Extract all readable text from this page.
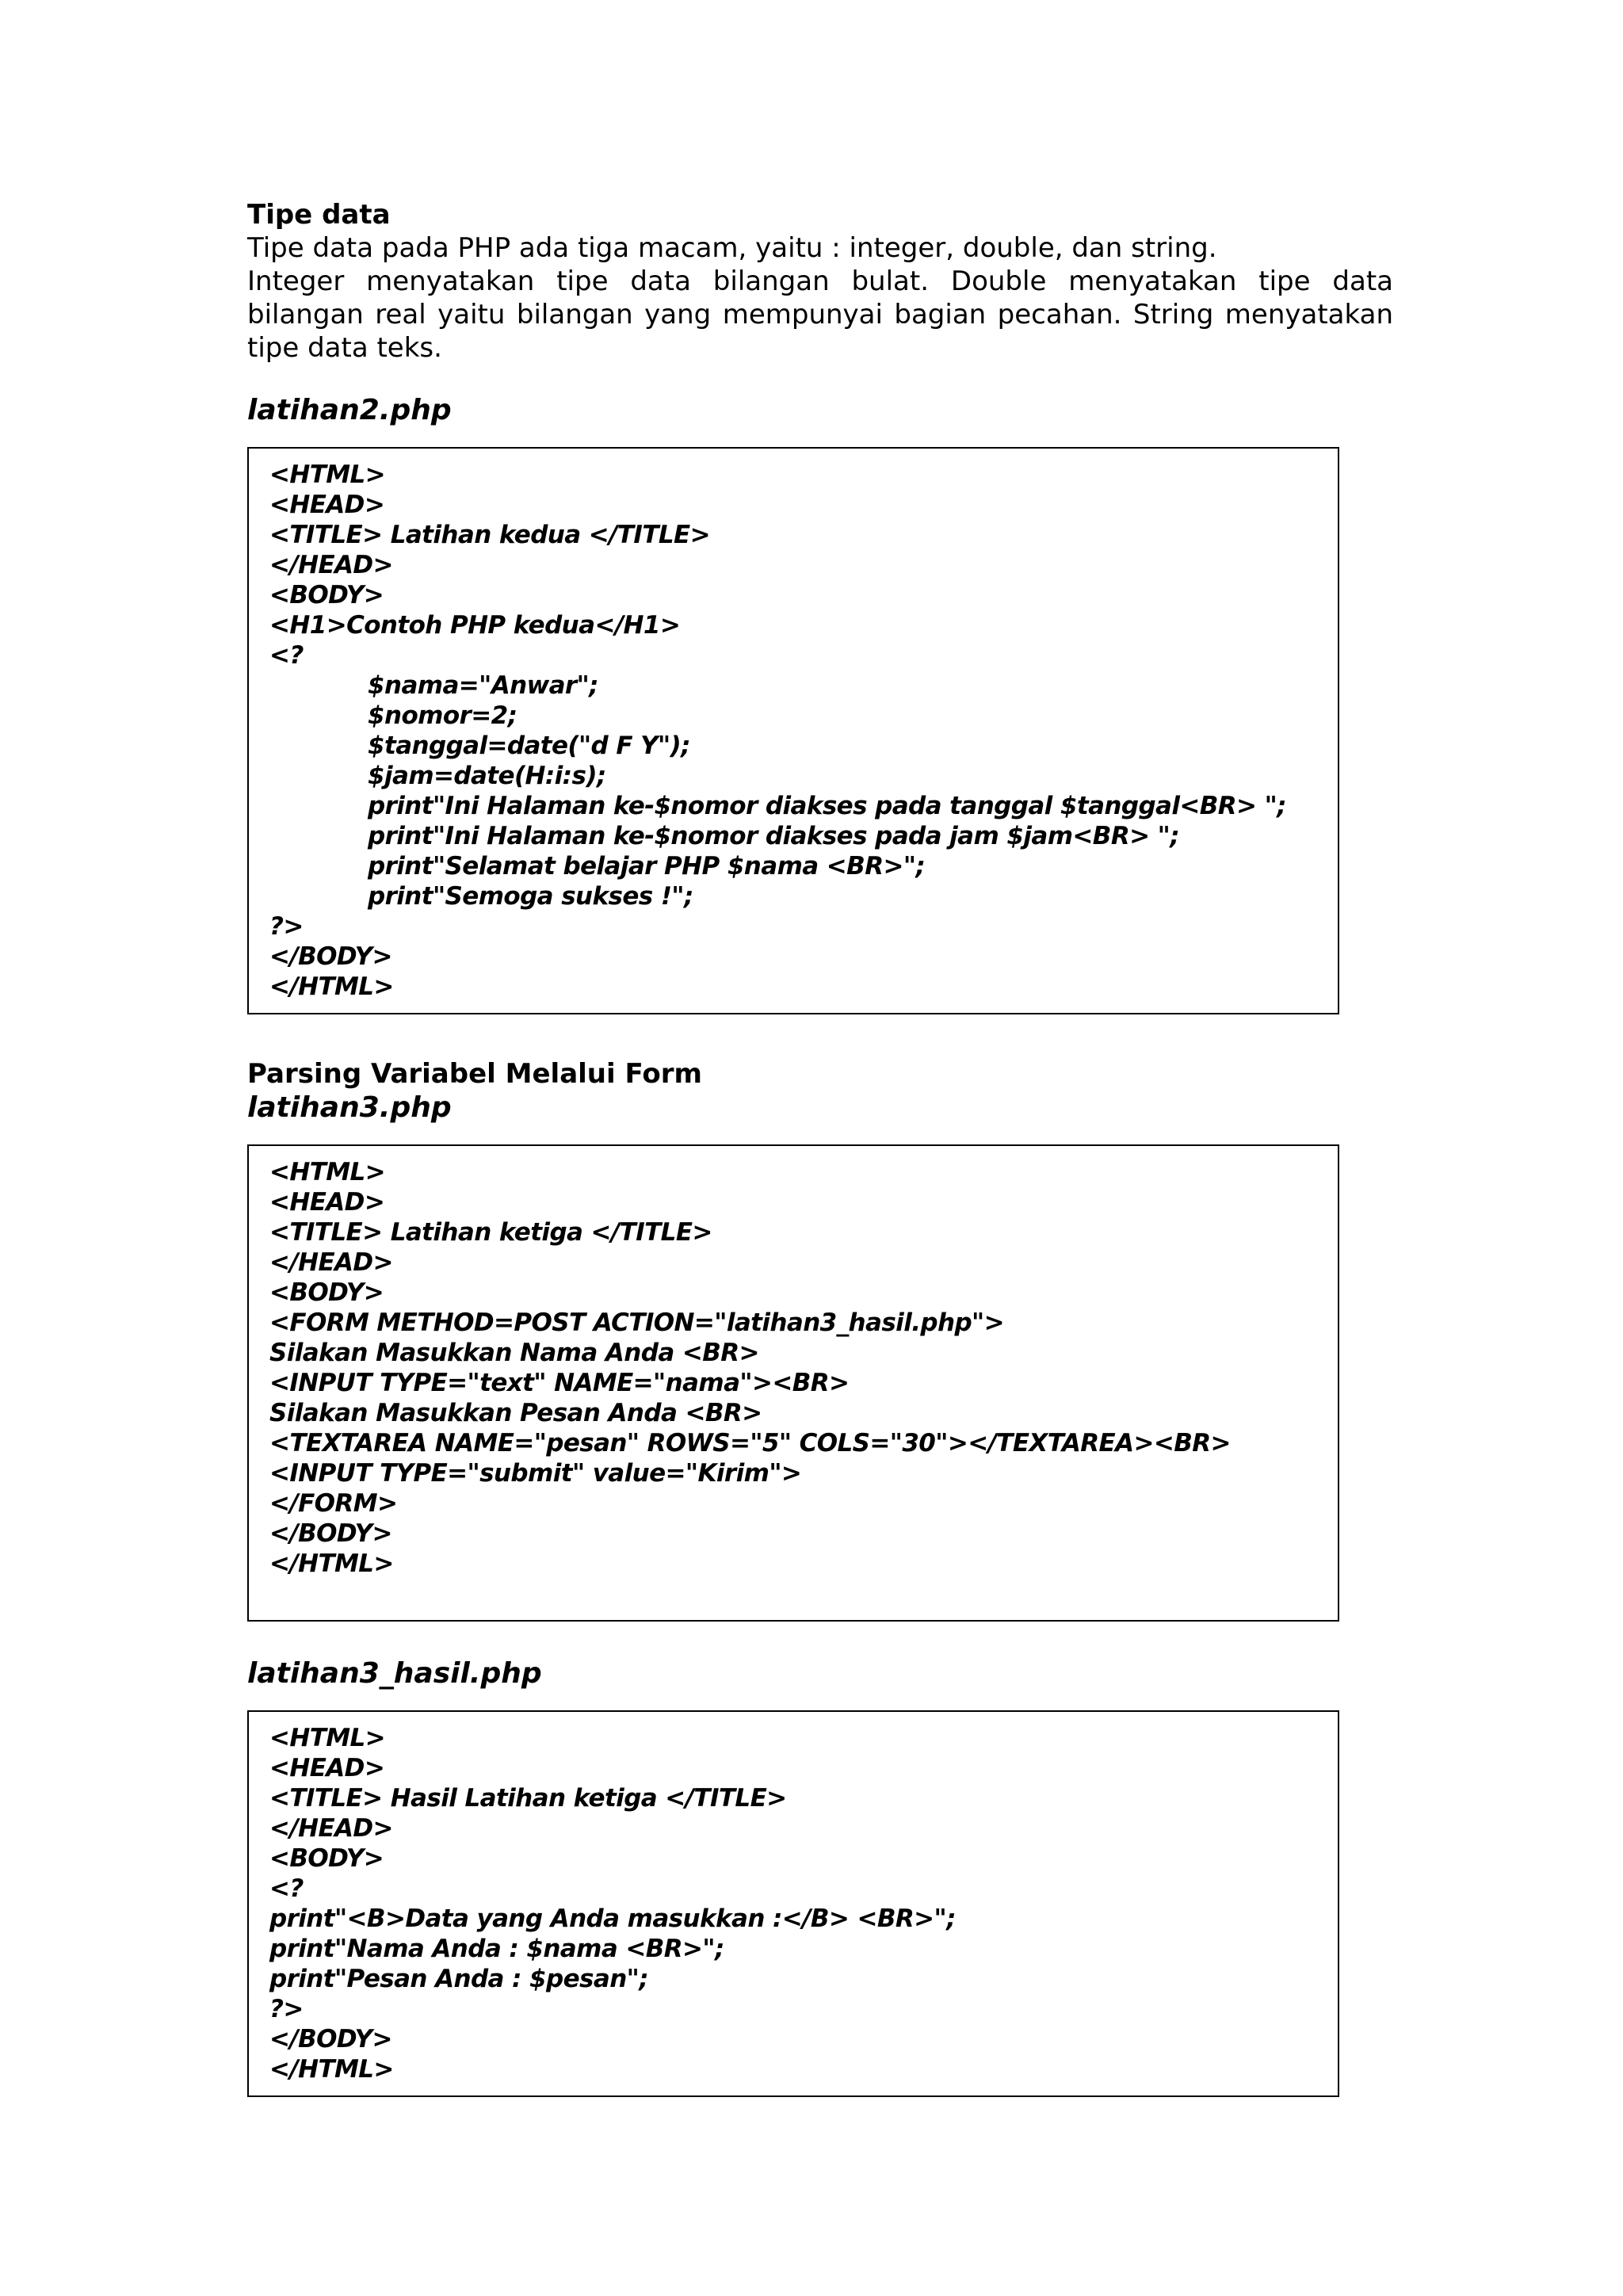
Tipe data

Tipe data pada PHP ada tiga macam, yaitu : integer, double, dan string.

Integer menyatakan tipe data bilangan bulat. Double menyatakan tipe data bilangan real yaitu bilangan yang mempunyai bagian pecahan. String menyatakan tipe data teks.

latihan2.php

<HTML>
<HEAD>
<TITLE> Latihan kedua </TITLE>
</HEAD>
<BODY>
<H1>Contoh PHP kedua</H1>
<?
$nama="Anwar";
$nomor=2;
$tanggal=date("d F Y");
$jam=date(H:i:s);
print"Ini Halaman ke-$nomor diakses pada tanggal $tanggal<BR> ";
print"Ini Halaman ke-$nomor diakses pada jam $jam<BR> ";
print"Selamat belajar PHP $nama <BR>";
print"Semoga sukses !";
?>
</BODY>
</HTML>

Parsing Variabel Melalui Form

latihan3.php

<HTML>
<HEAD>
<TITLE> Latihan ketiga </TITLE>
</HEAD>
<BODY>
<FORM METHOD=POST ACTION="latihan3_hasil.php">
Silakan Masukkan Nama Anda <BR>
<INPUT TYPE="text" NAME="nama"><BR>
Silakan Masukkan Pesan Anda <BR>
<TEXTAREA NAME="pesan" ROWS="5" COLS="30"></TEXTAREA><BR>
<INPUT TYPE="submit" value="Kirim">
</FORM>
</BODY>
</HTML>

latihan3_hasil.php

<HTML>
<HEAD>
<TITLE> Hasil Latihan ketiga </TITLE>
</HEAD>
<BODY>
<?
print"<B>Data yang Anda masukkan :</B> <BR>";
print"Nama Anda : $nama <BR>";
print"Pesan Anda : $pesan";
?>
</BODY>
</HTML>
